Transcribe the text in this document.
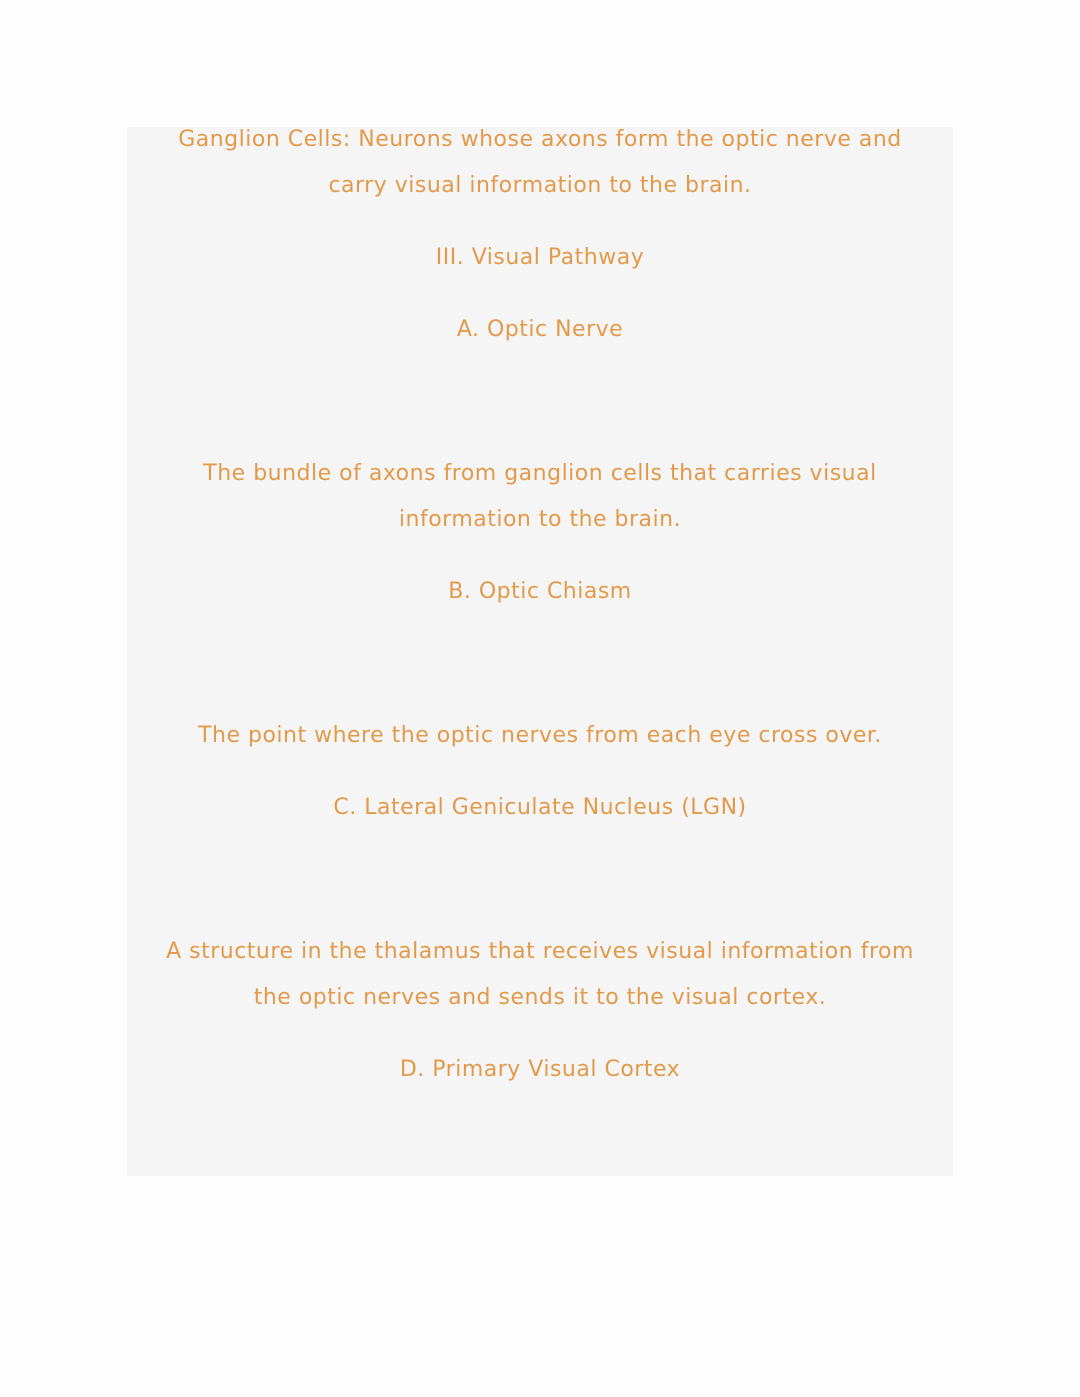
Ganglion Cells: Neurons whose axons form the optic nerve and
carry visual information to the brain.
III. Visual Pathway
A. Optic Nerve
The bundle of axons from ganglion cells that carries visual
information to the brain.
B. Optic Chiasm
The point where the optic nerves from each eye cross over.
C. Lateral Geniculate Nucleus (LGN)
A structure in the thalamus that receives visual information from
the optic nerves and sends it to the visual cortex.
D. Primary Visual Cortex
